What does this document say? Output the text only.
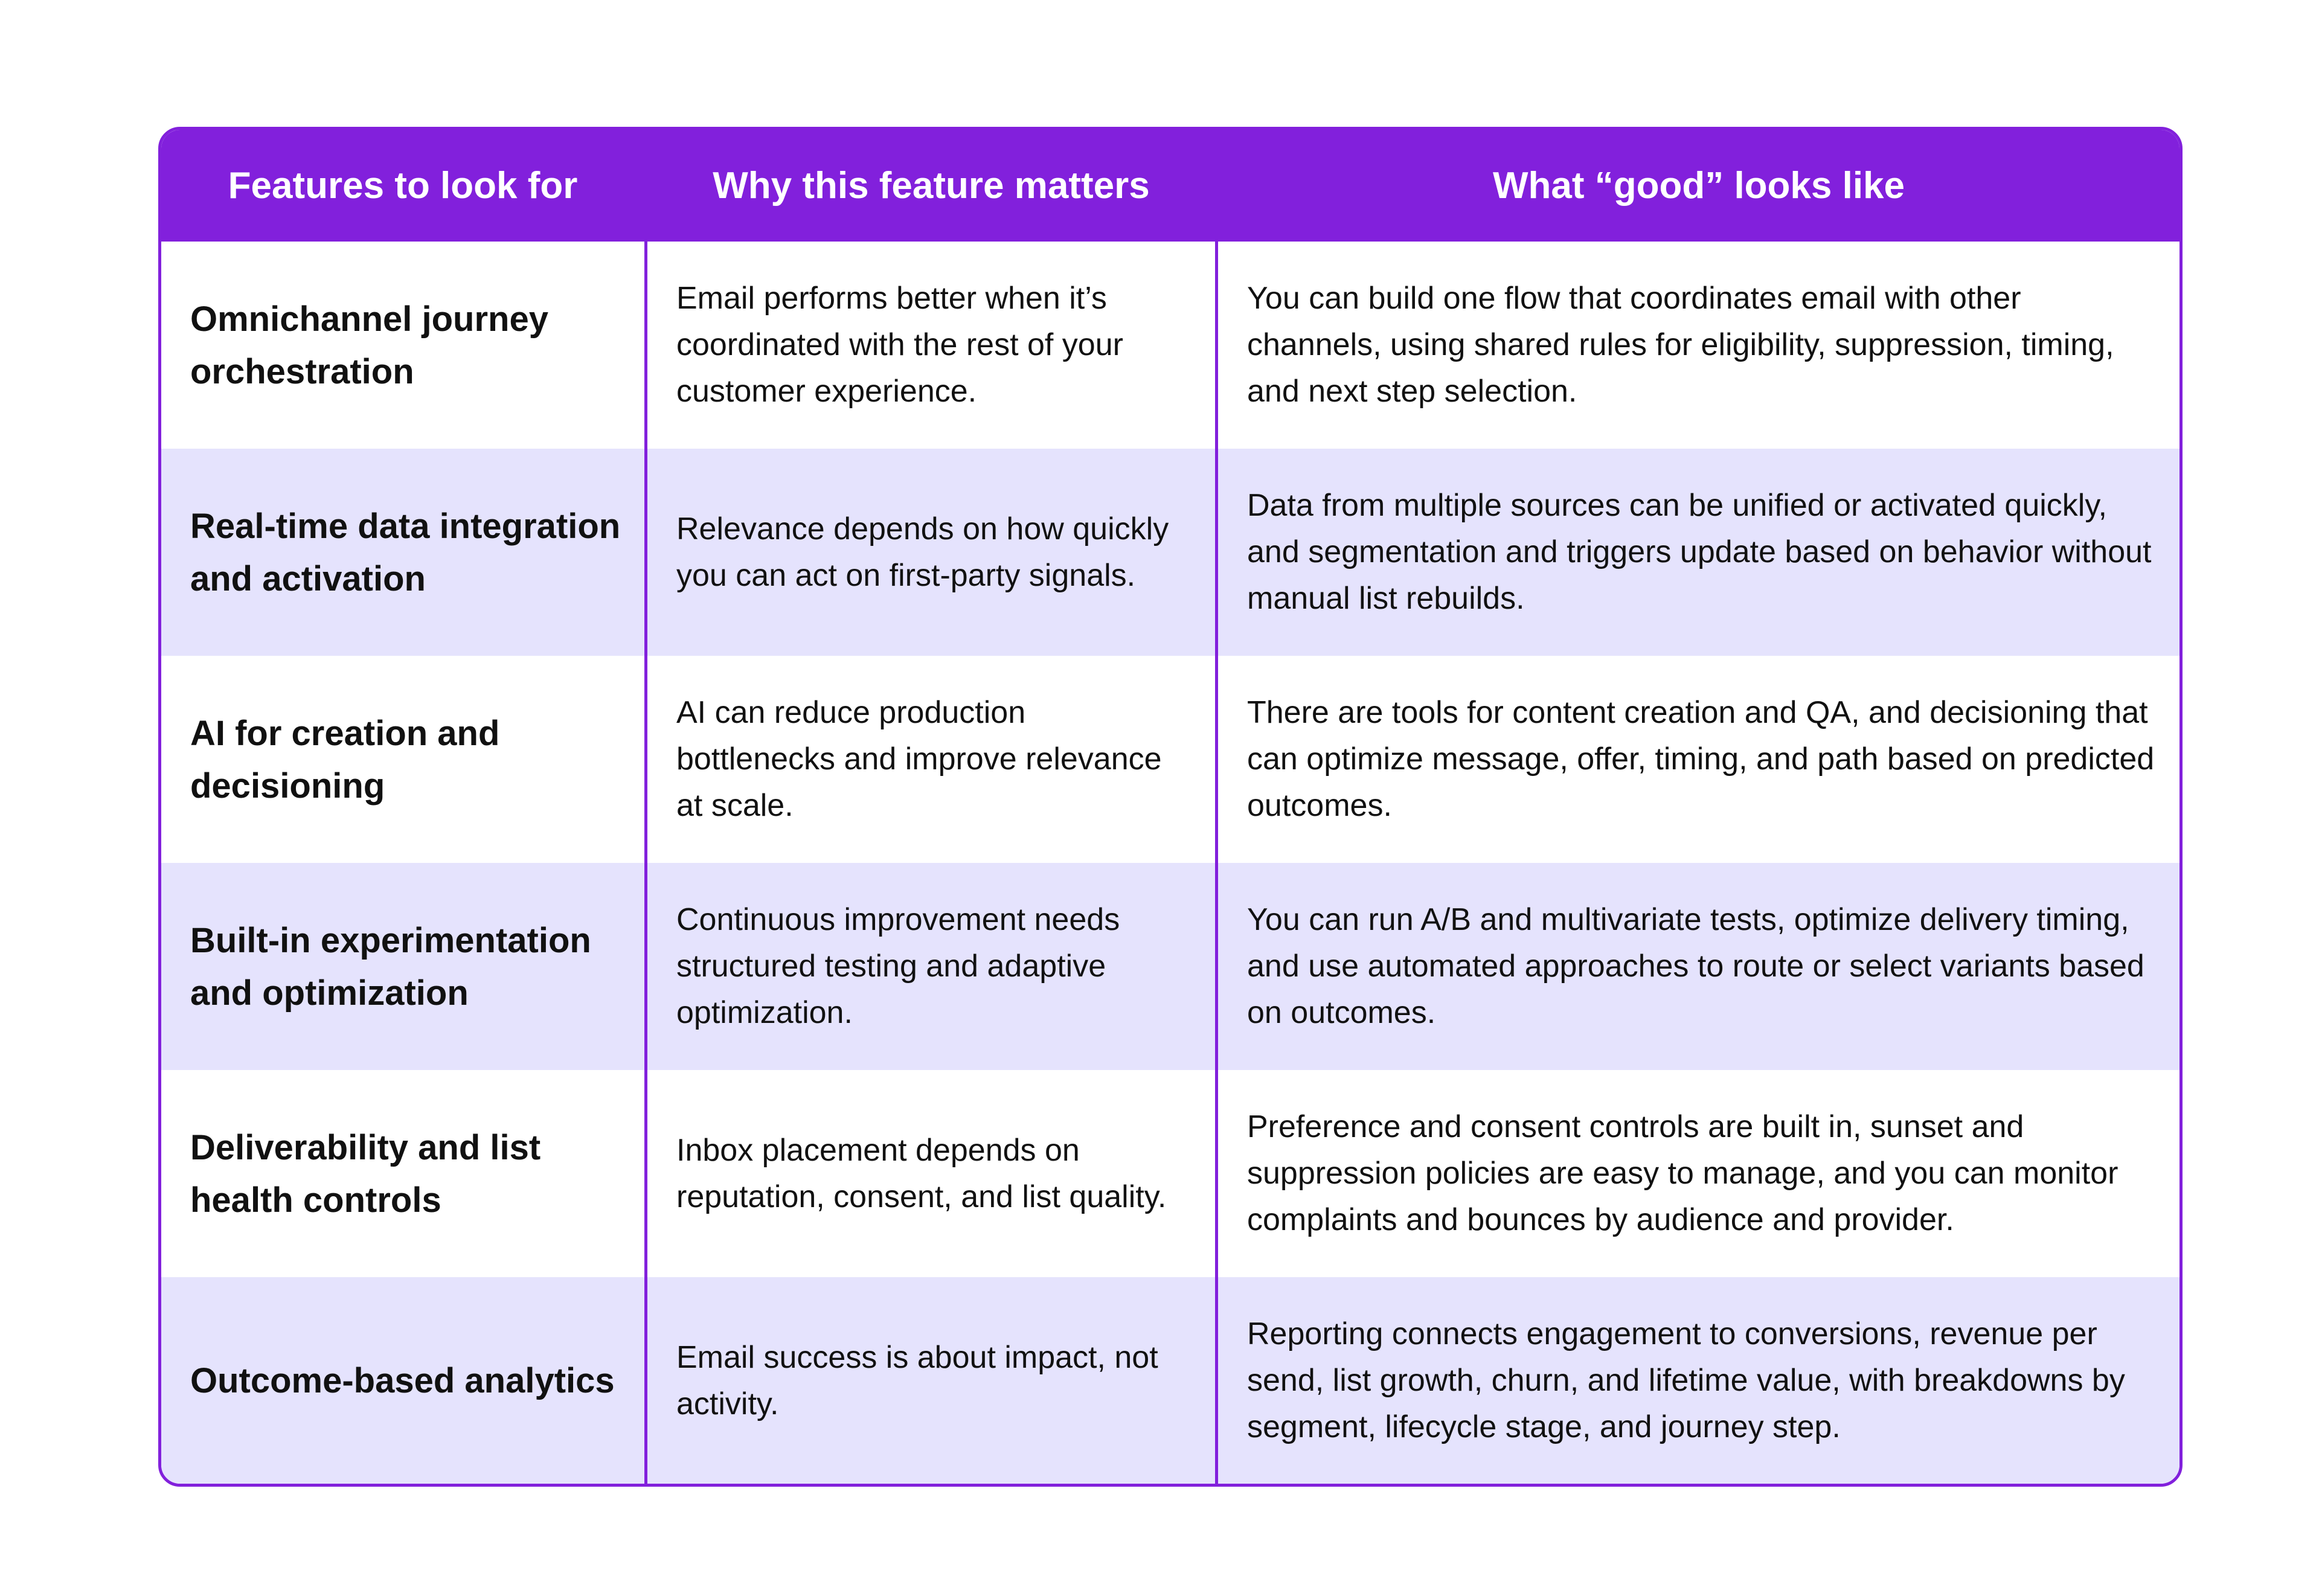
Features to look for	Why this feature matters	What “good” looks like
Omnichannel journey orchestration
Email performs better when it’s coordinated with the rest of your customer experience.
You can build one flow that coordinates email with other channels, using shared rules for eligibility, suppression, timing, and next step selection.
Real-time data integration and activation
Relevance depends on how quickly you can act on first-party signals.
Data from multiple sources can be unified or activated quickly, and segmentation and triggers update based on behavior without manual list rebuilds.
AI for creation and decisioning
AI can reduce production bottlenecks and improve relevance at scale.
There are tools for content creation and QA, and decisioning that can optimize message, offer, timing, and path based on predicted outcomes.
Built-in experimentation and optimization
Continuous improvement needs structured testing and adaptive optimization.
You can run A/B and multivariate tests, optimize delivery timing, and use automated approaches to route or select variants based on outcomes.
Deliverability and list health controls
Inbox placement depends on reputation, consent, and list quality.
Preference and consent controls are built in, sunset and suppression policies are easy to manage, and you can monitor complaints and bounces by audience and provider.
Outcome-based analytics
Email success is about impact, not activity.
Reporting connects engagement to conversions, revenue per send, list growth, churn, and lifetime value, with breakdowns by segment, lifecycle stage, and journey step.
